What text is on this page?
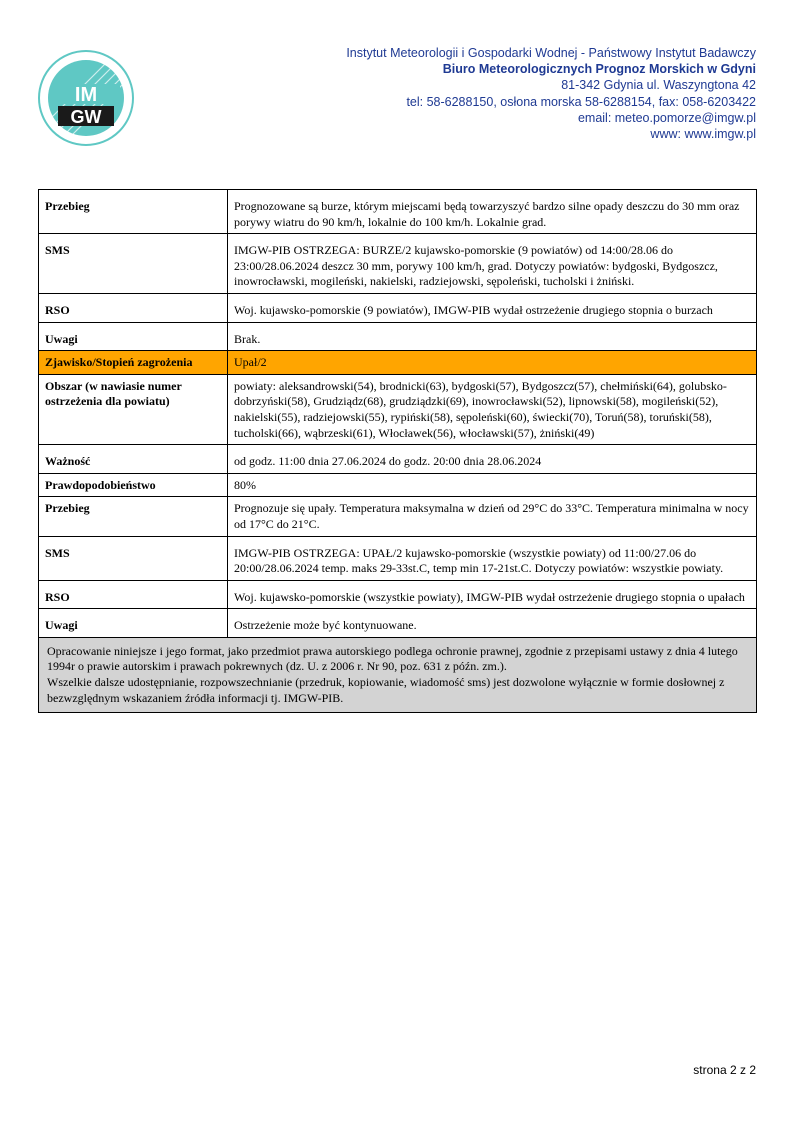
IM
GW
Instytut Meteorologii i Gospodarki Wodnej - Państwowy Instytut Badawczy
Biuro Meteorologicznych Prognoz Morskich w Gdyni
81-342 Gdynia ul. Waszyngtona 42
tel: 58-6288150, osłona morska 58-6288154, fax: 058-6203422
email: meteo.pomorze@imgw.pl
www: www.imgw.pl
Przebieg	Prognozowane są burze, którym miejscami będą towarzyszyć bardzo silne opady deszczu do 30 mm oraz porywy wiatru do 90 km/h, lokalnie do 100 km/h. Lokalnie grad.
SMS	IMGW-PIB OSTRZEGA: BURZE/2 kujawsko-pomorskie (9 powiatów) od 14:00/28.06 do 23:00/28.06.2024 deszcz 30 mm, porywy 100 km/h, grad. Dotyczy powiatów: bydgoski, Bydgoszcz, inowrocławski, mogileński, nakielski, radziejowski, sępoleński, tucholski i żniński.
RSO	Woj. kujawsko-pomorskie (9 powiatów), IMGW-PIB wydał ostrzeżenie drugiego stopnia o burzach
Uwagi	Brak.
Zjawisko/Stopień zagrożenia	Upał/2
Obszar (w nawiasie numer ostrzeżenia dla powiatu)	powiaty: aleksandrowski(54), brodnicki(63), bydgoski(57), Bydgoszcz(57), chełmiński(64), golubsko-dobrzyński(58), Grudziądz(68), grudziądzki(69), inowrocławski(52), lipnowski(58), mogileński(52), nakielski(55), radziejowski(55), rypiński(58), sępoleński(60), świecki(70), Toruń(58), toruński(58), tucholski(66), wąbrzeski(61), Włocławek(56), włocławski(57), żniński(49)
Ważność	od godz. 11:00 dnia 27.06.2024 do godz. 20:00 dnia 28.06.2024
Prawdopodobieństwo	80%
Przebieg	Prognozuje się upały. Temperatura maksymalna w dzień od 29°C do 33°C. Temperatura minimalna w nocy od 17°C do 21°C.
SMS	IMGW-PIB OSTRZEGA: UPAŁ/2 kujawsko-pomorskie (wszystkie powiaty) od 11:00/27.06 do 20:00/28.06.2024 temp. maks 29-33st.C, temp min 17-21st.C. Dotyczy powiatów: wszystkie powiaty.
RSO	Woj. kujawsko-pomorskie (wszystkie powiaty), IMGW-PIB wydał ostrzeżenie drugiego stopnia o upałach
Uwagi	Ostrzeżenie może być kontynuowane.

Opracowanie niniejsze i jego format, jako przedmiot prawa autorskiego podlega ochronie prawnej, zgodnie z przepisami ustawy z dnia 4 lutego 1994r o prawie autorskim i prawach pokrewnych (dz. U. z 2006 r. Nr 90, poz. 631 z późn. zm.).
Wszelkie dalsze udostępnianie, rozpowszechnianie (przedruk, kopiowanie, wiadomość sms) jest dozwolone wyłącznie w formie dosłownej z bezwzględnym wskazaniem źródła informacji tj. IMGW-PIB.	
strona 2 z 2
